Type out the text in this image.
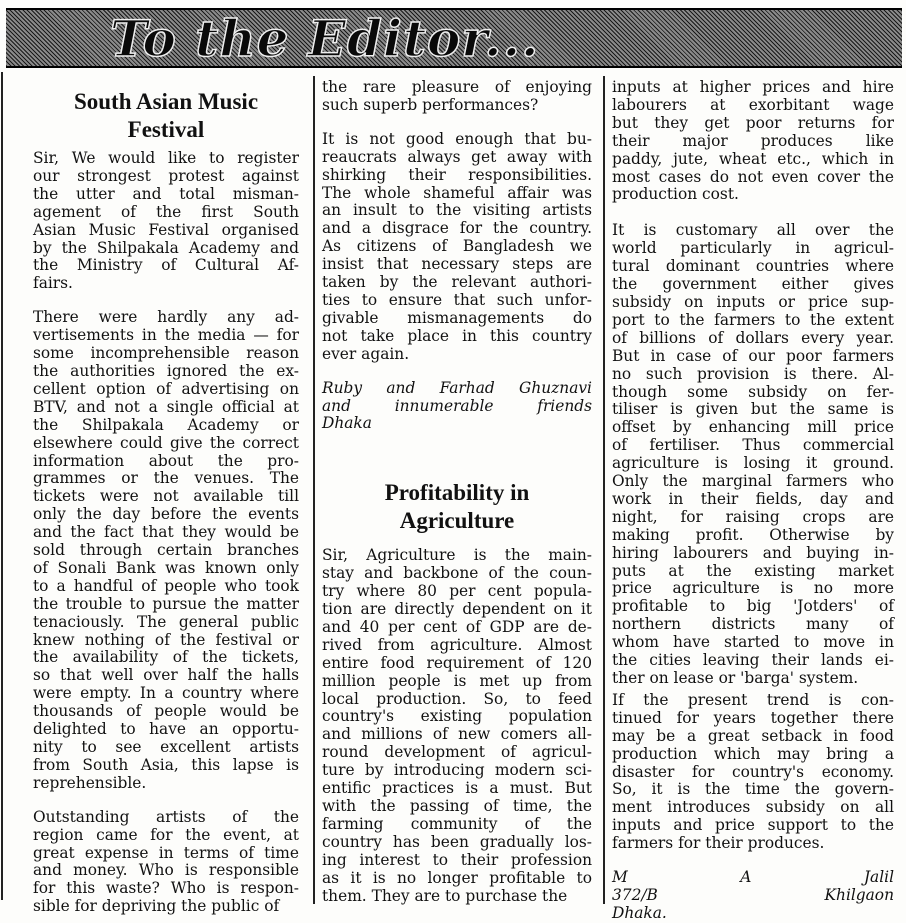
To the Editor...
South Asian Music
Festival

Sir, We would like to register
our strongest protest against
the utter and total misman-
agement of the first South
Asian Music Festival organised
by the Shilpakala Academy and
the Ministry of Cultural Af-
fairs.

There were hardly any ad-
vertisements in the media — for
some incomprehensible reason
the authorities ignored the ex-
cellent option of advertising on
BTV, and not a single official at
the Shilpakala Academy or
elsewhere could give the correct
information about the pro-
grammes or the venues. The
tickets were not available till
only the day before the events
and the fact that they would be
sold through certain branches
of Sonali Bank was known only
to a handful of people who took
the trouble to pursue the matter
tenaciously. The general public
knew nothing of the festival or
the availability of the tickets,
so that well over half the halls
were empty. In a country where
thousands of people would be
delighted to have an opportu-
nity to see excellent artists
from South Asia, this lapse is
reprehensible.

Outstanding artists of the
region came for the event, at
great expense in terms of time
and money. Who is responsible
for this waste? Who is respon-
sible for depriving the public of

the rare pleasure of enjoying
such superb performances?

It is not good enough that bu-
reaucrats always get away with
shirking their responsibilities.
The whole shameful affair was
an insult to the visiting artists
and a disgrace for the country.
As citizens of Bangladesh we
insist that necessary steps are
taken by the relevant authori-
ties to ensure that such unfor-
givable mismanagements do
not take place in this country
ever again.

Ruby and Farhad Ghuznavi
and innumerable friends
Dhaka

Profitability in
Agriculture

Sir, Agriculture is the main-
stay and backbone of the coun-
try where 80 per cent popula-
tion are directly dependent on it
and 40 per cent of GDP are de-
rived from agriculture. Almost
entire food requirement of 120
million people is met up from
local production. So, to feed
country's existing population
and millions of new comers all-
round development of agricul-
ture by introducing modern sci-
entific practices is a must. But
with the passing of time, the
farming community of the
country has been gradually los-
ing interest to their profession
as it is no longer profitable to
them. They are to purchase the

inputs at higher prices and hire
labourers at exorbitant wage
but they get poor returns for
their major produces like
paddy, jute, wheat etc., which in
most cases do not even cover the
production cost.

It is customary all over the
world particularly in agricul-
tural dominant countries where
the government either gives
subsidy on inputs or price sup-
port to the farmers to the extent
of billions of dollars every year.
But in case of our poor farmers
no such provision is there. Al-
though some subsidy on fer-
tiliser is given but the same is
offset by enhancing mill price
of fertiliser. Thus commercial
agriculture is losing it ground.
Only the marginal farmers who
work in their fields, day and
night, for raising crops are
making profit. Otherwise by
hiring labourers and buying in-
puts at the existing market
price agriculture is no more
profitable to big 'Jotders' of
northern districts many of
whom have started to move in
the cities leaving their lands ei-
ther on lease or 'barga' system.

If the present trend is con-
tinued for years together there
may be a great setback in food
production which may bring a
disaster for country's economy.
So, it is the time the govern-
ment introduces subsidy on all
inputs and price support to the
farmers for their produces.

M A Jalil
372/B Khilgaon
Dhaka.
